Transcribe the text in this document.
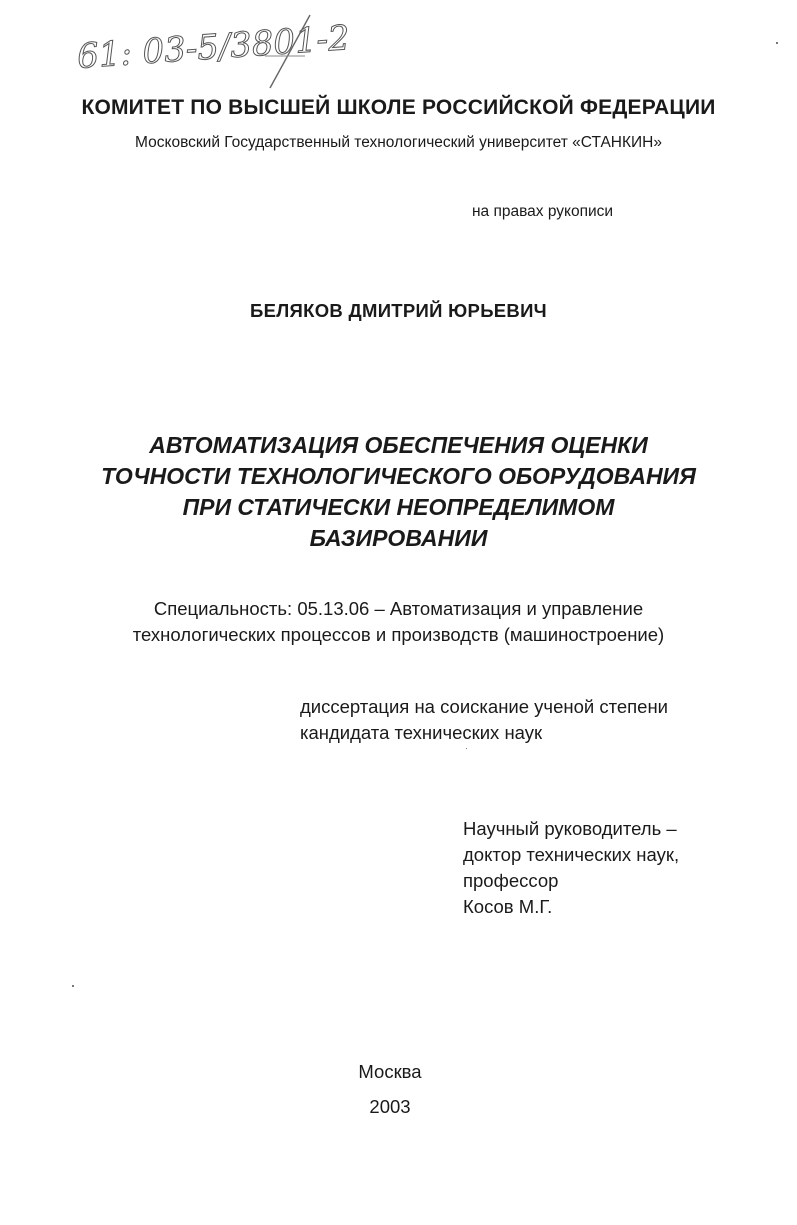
61: 03-5/3801-2
КОМИТЕТ ПО ВЫСШЕЙ ШКОЛЕ РОССИЙСКОЙ ФЕДЕРАЦИИ
Московский Государственный технологический университет «СТАНКИН»
на правах рукописи
БЕЛЯКОВ ДМИТРИЙ ЮРЬЕВИЧ
АВТОМАТИЗАЦИЯ ОБЕСПЕЧЕНИЯ ОЦЕНКИ
ТОЧНОСТИ ТЕХНОЛОГИЧЕСКОГО ОБОРУДОВАНИЯ
ПРИ СТАТИЧЕСКИ НЕОПРЕДЕЛИМОМ
БАЗИРОВАНИИ
Специальность: 05.13.06 – Автоматизация и управление
технологических процессов и производств (машиностроение)
диссертация на соискание ученой степени
кандидата технических наук
Научный руководитель –
доктор технических наук,
профессор
Косов М.Г.
Москва
2003
